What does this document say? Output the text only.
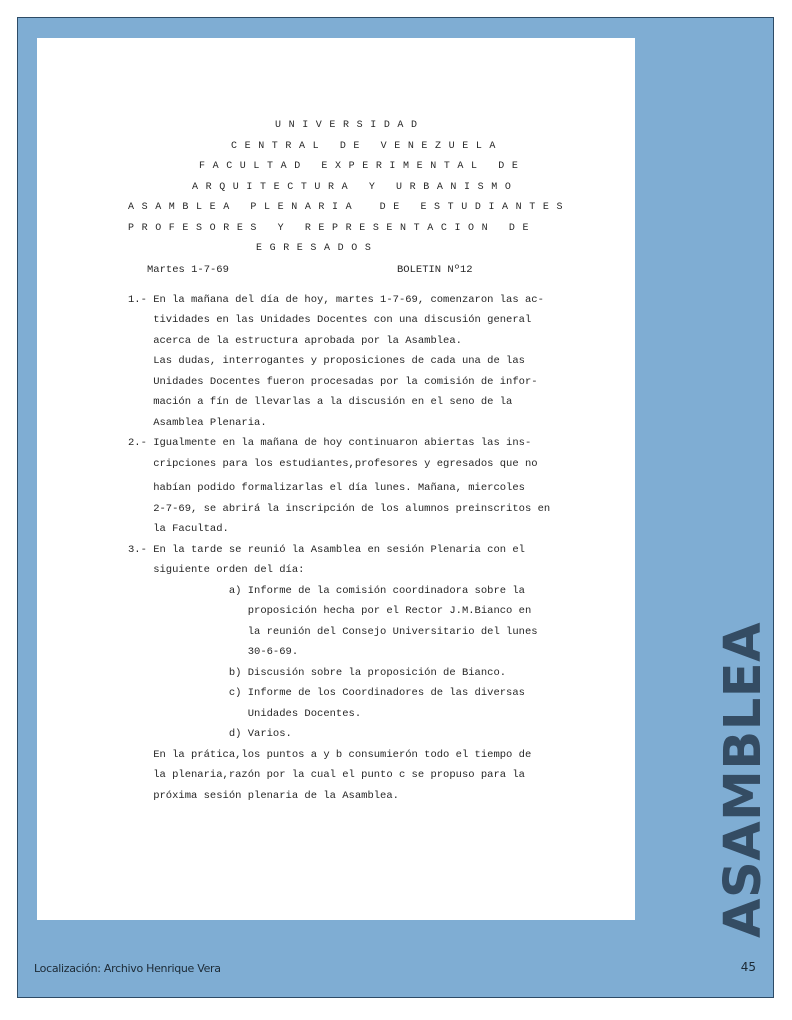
U N I V E R S I D A D
C E N T R A L   D E   V E N E Z U E L A
F A C U L T A D   E X P E R I M E N T A L   D E
A R Q U I T E C T U R A   Y   U R B A N I S M O
A S A M B L E A   P L E N A R I A    D E   E S T U D I A N T E S
P R O F E S O R E S   Y   R E P R E S E N T A C I O N   D E
E G R E S A D O S
Martes 1-7-69	BOLETIN Nº12
1.- En la mañana del día de hoy, martes 1-7-69, comenzaron las ac-
tividades en las Unidades Docentes con una discusión general
acerca de la estructura aprobada por la Asamblea.
Las dudas, interrogantes y proposiciones de cada una de las
Unidades Docentes fueron procesadas por la comisión de infor-
mación a fín de llevarlas a la discusión en el seno de la
Asamblea Plenaria.
2.- Igualmente en la mañana de hoy continuaron abiertas las ins-
cripciones para los estudiantes,profesores y egresados que no
habían podido formalizarlas el día lunes. Mañana, miercoles
2-7-69, se abrirá la inscripción de los alumnos preinscritos en
la Facultad.
3.- En la tarde se reunió la Asamblea en sesión Plenaria con el
siguiente orden del día:
a) Informe de la comisión coordinadora sobre la
proposición hecha por el Rector J.M.Bianco en
la reunión del Consejo Universitario del lunes
30-6-69.
b) Discusión sobre la proposición de Bianco.
c) Informe de los Coordinadores de las diversas
Unidades Docentes.
d) Varios.
En la prática,los puntos a y b consumierón todo el tiempo de
la plenaria,razón por la cual el punto c se propuso para la
próxima sesión plenaria de la Asamblea.	ASAMBLEA
Localización: Archivo Henrique Vera	45
